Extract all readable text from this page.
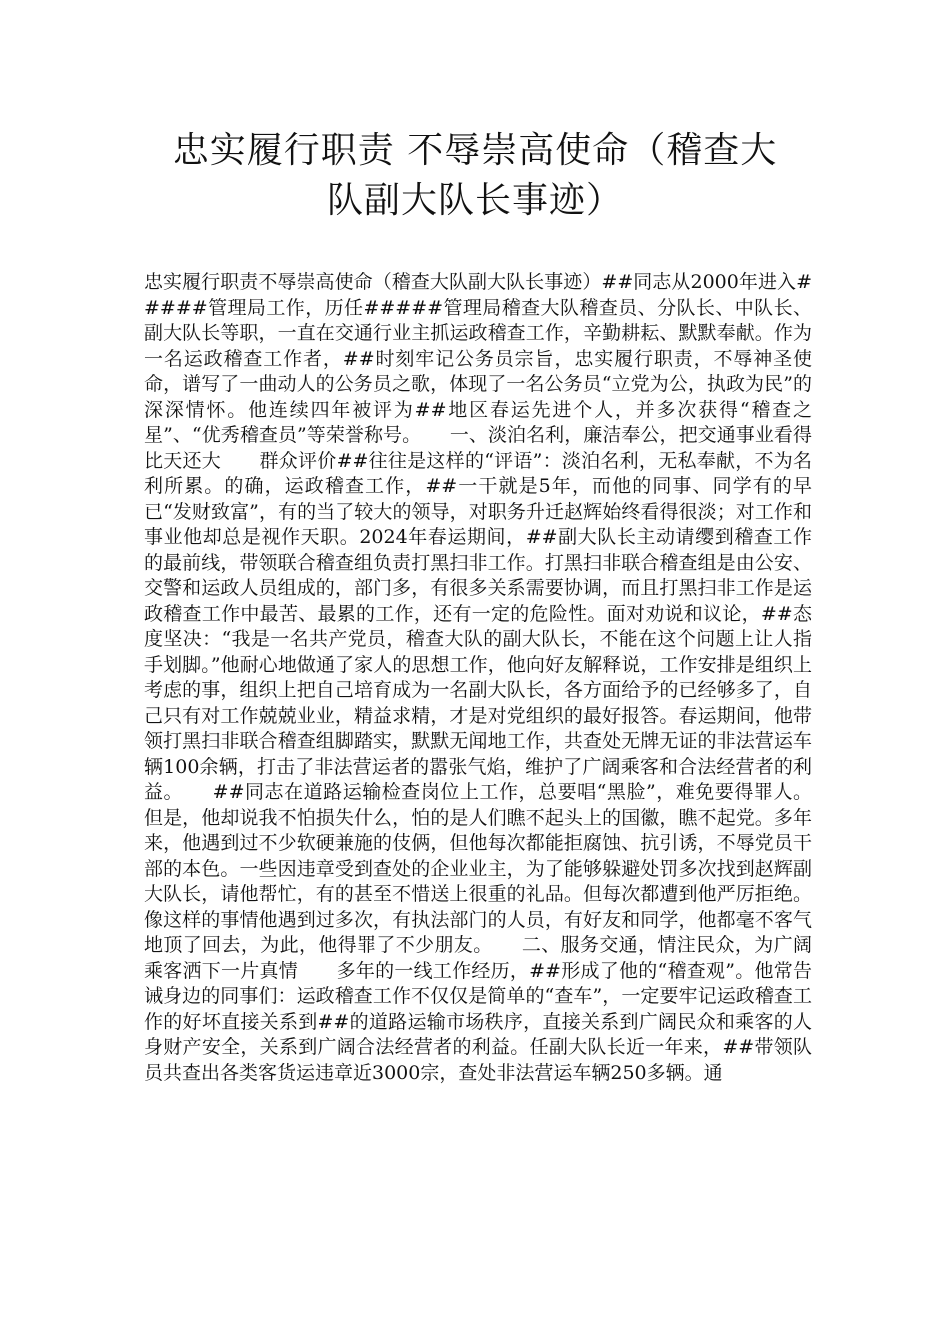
忠实履行职责 不辱崇高使命（稽查大
队副大队长事迹）

忠实履行职责不辱崇高使命（稽查大队副大队长事迹）##同志从2000年进入#####管理局工作，历任#####管理局稽查大队稽查员、分队长、中队长、副大队长等职，一直在交通行业主抓运政稽查工作，辛勤耕耘、默默奉献。作为一名运政稽查工作者，##时刻牢记公务员宗旨，忠实履行职责，不辱神圣使命，谱写了一曲动人的公务员之歌，体现了一名公务员“立党为公，执政为民”的深深情怀。他连续四年被评为##地区春运先进个人，并多次获得“稽查之星”、“优秀稽查员”等荣誉称号。　　一、淡泊名利，廉洁奉公，把交通事业看得比天还大　　群众评价##往往是这样的“评语”：淡泊名利，无私奉献，不为名利所累。的确，运政稽查工作，##一干就是5年，而他的同事、同学有的早已“发财致富”，有的当了较大的领导，对职务升迁赵辉始终看得很淡；对工作和事业他却总是视作天职。2024年春运期间，##副大队长主动请缨到稽查工作的最前线，带领联合稽查组负责打黑扫非工作。打黑扫非联合稽查组是由公安、交警和运政人员组成的，部门多，有很多关系需要协调，而且打黑扫非工作是运政稽查工作中最苦、最累的工作，还有一定的危险性。面对劝说和议论，##态度坚决：“我是一名共产党员，稽查大队的副大队长，不能在这个问题上让人指手划脚。”他耐心地做通了家人的思想工作，他向好友解释说，工作安排是组织上考虑的事，组织上把自己培育成为一名副大队长，各方面给予的已经够多了，自己只有对工作兢兢业业，精益求精，才是对党组织的最好报答。春运期间，他带领打黑扫非联合稽查组脚踏实，默默无闻地工作，共查处无牌无证的非法营运车辆100余辆，打击了非法营运者的嚣张气焰，维护了广阔乘客和合法经营者的利益。　　##同志在道路运输检查岗位上工作，总要唱“黑脸”，难免要得罪人。但是，他却说我不怕损失什么，怕的是人们瞧不起头上的国徽，瞧不起党。多年来，他遇到过不少软硬兼施的伎俩，但他每次都能拒腐蚀、抗引诱，不辱党员干部的本色。一些因违章受到查处的企业业主，为了能够躲避处罚多次找到赵辉副大队长，请他帮忙，有的甚至不惜送上很重的礼品。但每次都遭到他严厉拒绝。像这样的事情他遇到过多次，有执法部门的人员，有好友和同学，他都毫不客气地顶了回去，为此，他得罪了不少朋友。　　二、服务交通，情注民众，为广阔乘客洒下一片真情　　多年的一线工作经历，##形成了他的“稽查观”。他常告诫身边的同事们：运政稽查工作不仅仅是简单的“查车”，一定要牢记运政稽查工作的好坏直接关系到##的道路运输市场秩序，直接关系到广阔民众和乘客的人身财产安全，关系到广阔合法经营者的利益。任副大队长近一年来，##带领队员共查出各类客货运违章近3000宗，查处非法营运车辆250多辆。通
